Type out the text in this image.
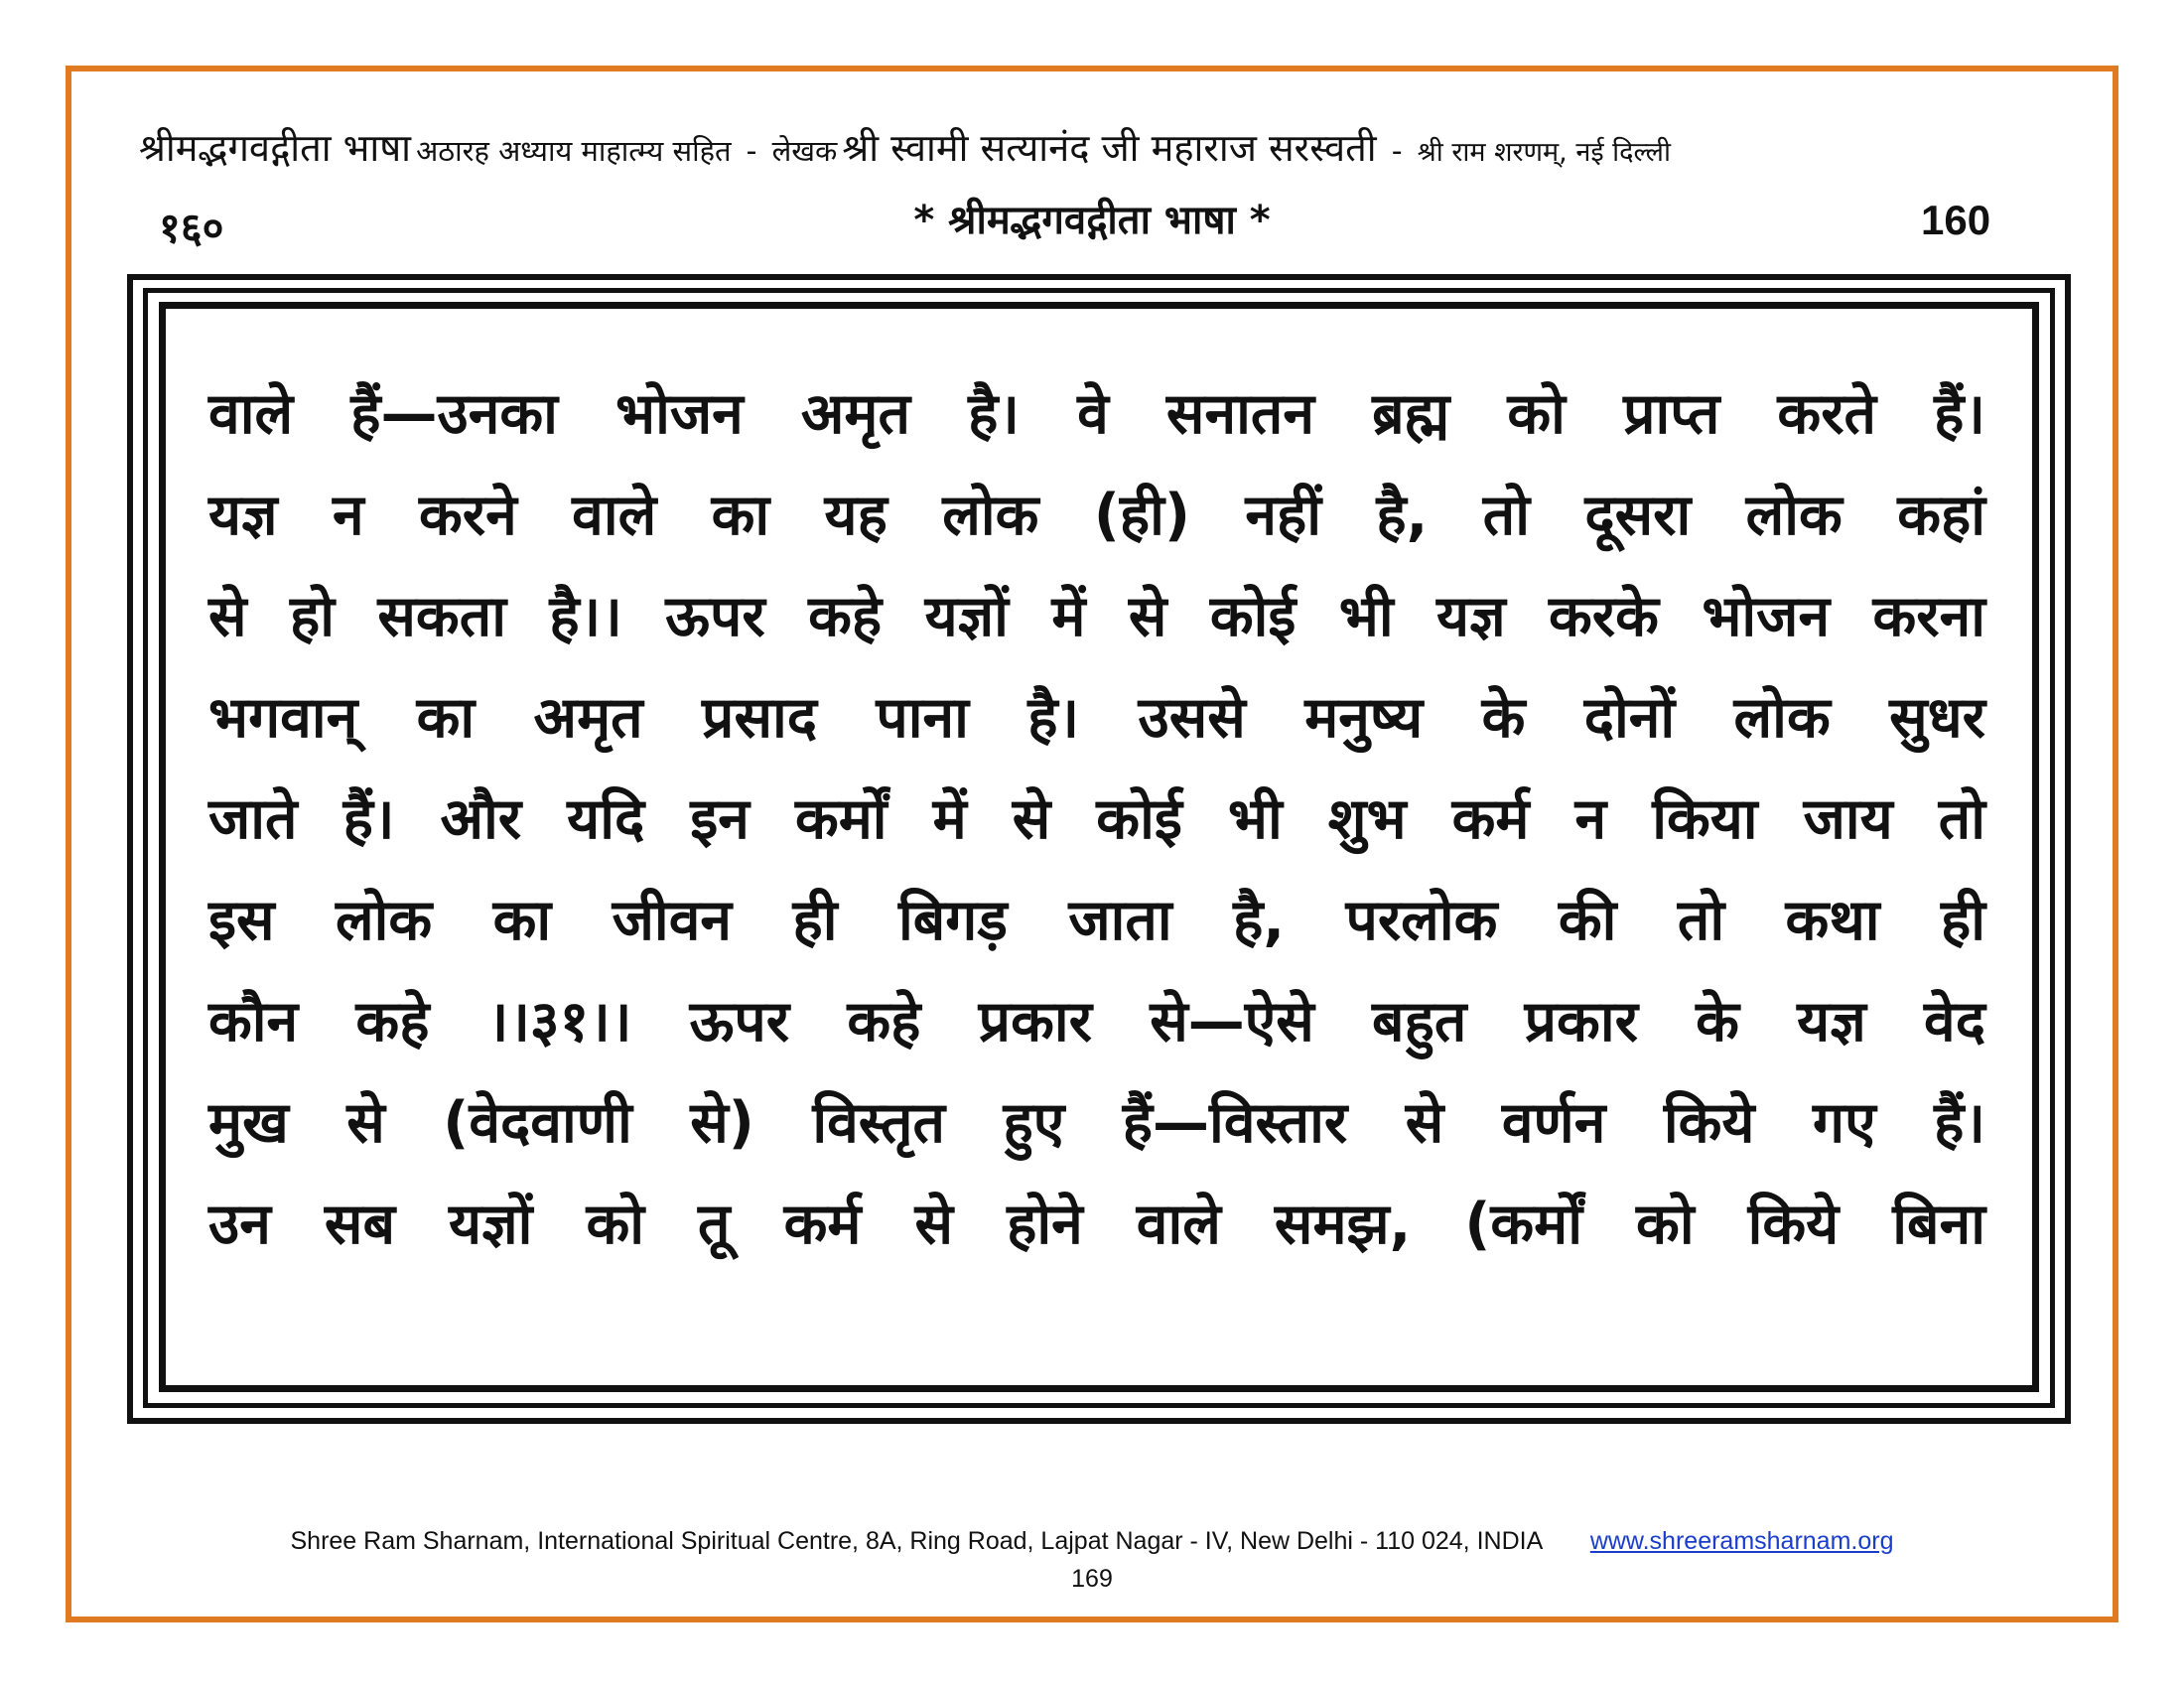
श्रीमद्भगवद्गीता भाषा अठारह अध्याय माहात्म्य सहित - लेखक श्री स्वामी सत्यानंद जी महाराज सरस्वती - श्री राम शरणम्, नई दिल्ली
१६०	* श्रीमद्भगवद्गीता भाषा *	160
वाले हैं—उनका भोजन अमृत है। वे सनातन ब्रह्म को प्राप्त करते हैं।
यज्ञ न करने वाले का यह लोक (ही) नहीं है, तो दूसरा लोक कहां
से हो सकता है।। ऊपर कहे यज्ञों में से कोई भी यज्ञ करके भोजन करना
भगवान् का अमृत प्रसाद पाना है। उससे मनुष्य के दोनों लोक सुधर
जाते हैं। और यदि इन कर्मों में से कोई भी शुभ कर्म न किया जाय तो
इस लोक का जीवन ही बिगड़ जाता है, परलोक की तो कथा ही
कौन कहे ।।३१।। ऊपर कहे प्रकार से—ऐसे बहुत प्रकार के यज्ञ वेद
मुख से (वेदवाणी से) विस्तृत हुए हैं—विस्तार से वर्णन किये गए हैं।
उन सब यज्ञों को तू कर्म से होने वाले समझ, (कर्मों को किये बिना
Shree Ram Sharnam, International Spiritual Centre, 8A, Ring Road, Lajpat Nagar - IV, New Delhi - 110 024, INDIA www.shreeramsharnam.org
169
